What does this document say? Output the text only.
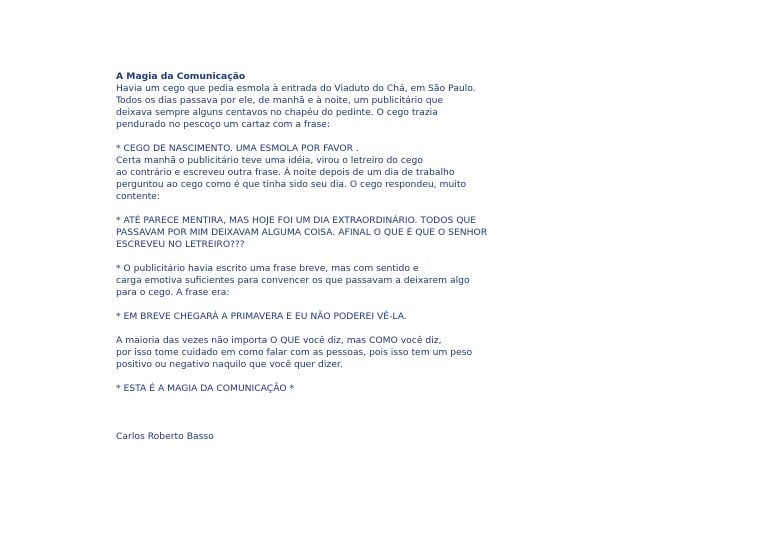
A Magia da Comunicação
Havia um cego que pedia esmola à entrada do Viaduto do Chá, em São Paulo.
Todos os dias passava por ele, de manhã e à noite, um publicitário que
deixava sempre alguns centavos no chapéu do pedinte. O cego trazia
pendurado no pescoço um cartaz com a frase:
* CEGO DE NASCIMENTO. UMA ESMOLA POR FAVOR .
Certa manhã o publicitário teve uma idéia, virou o letreiro do cego
ao contrário e escreveu outra frase. À noite depois de um dia de trabalho
perguntou ao cego como é que tinha sido seu dia. O cego respondeu, muito
contente:
* ATÉ PARECE MENTIRA, MAS HOJE FOI UM DIA EXTRAORDINÁRIO. TODOS QUE
PASSAVAM POR MIM DEIXAVAM ALGUMA COISA. AFINAL O QUE É QUE O SENHOR
ESCREVEU NO LETREIRO???
* O publicitário havia escrito uma frase breve, mas com sentido e
carga emotiva suficientes para convencer os que passavam a deixarem algo
para o cego. A frase era:
* EM BREVE CHEGARÁ A PRIMAVERA E EU NÃO PODEREI VÊ-LA.
A maioria das vezes não importa O QUE você diz, mas COMO você diz,
por isso tome cuidado em como falar com as pessoas, pois isso tem um peso
positivo ou negativo naquilo que você quer dizer.
* ESTA É A MAGIA DA COMUNICAÇÃO *
Carlos Roberto Basso
